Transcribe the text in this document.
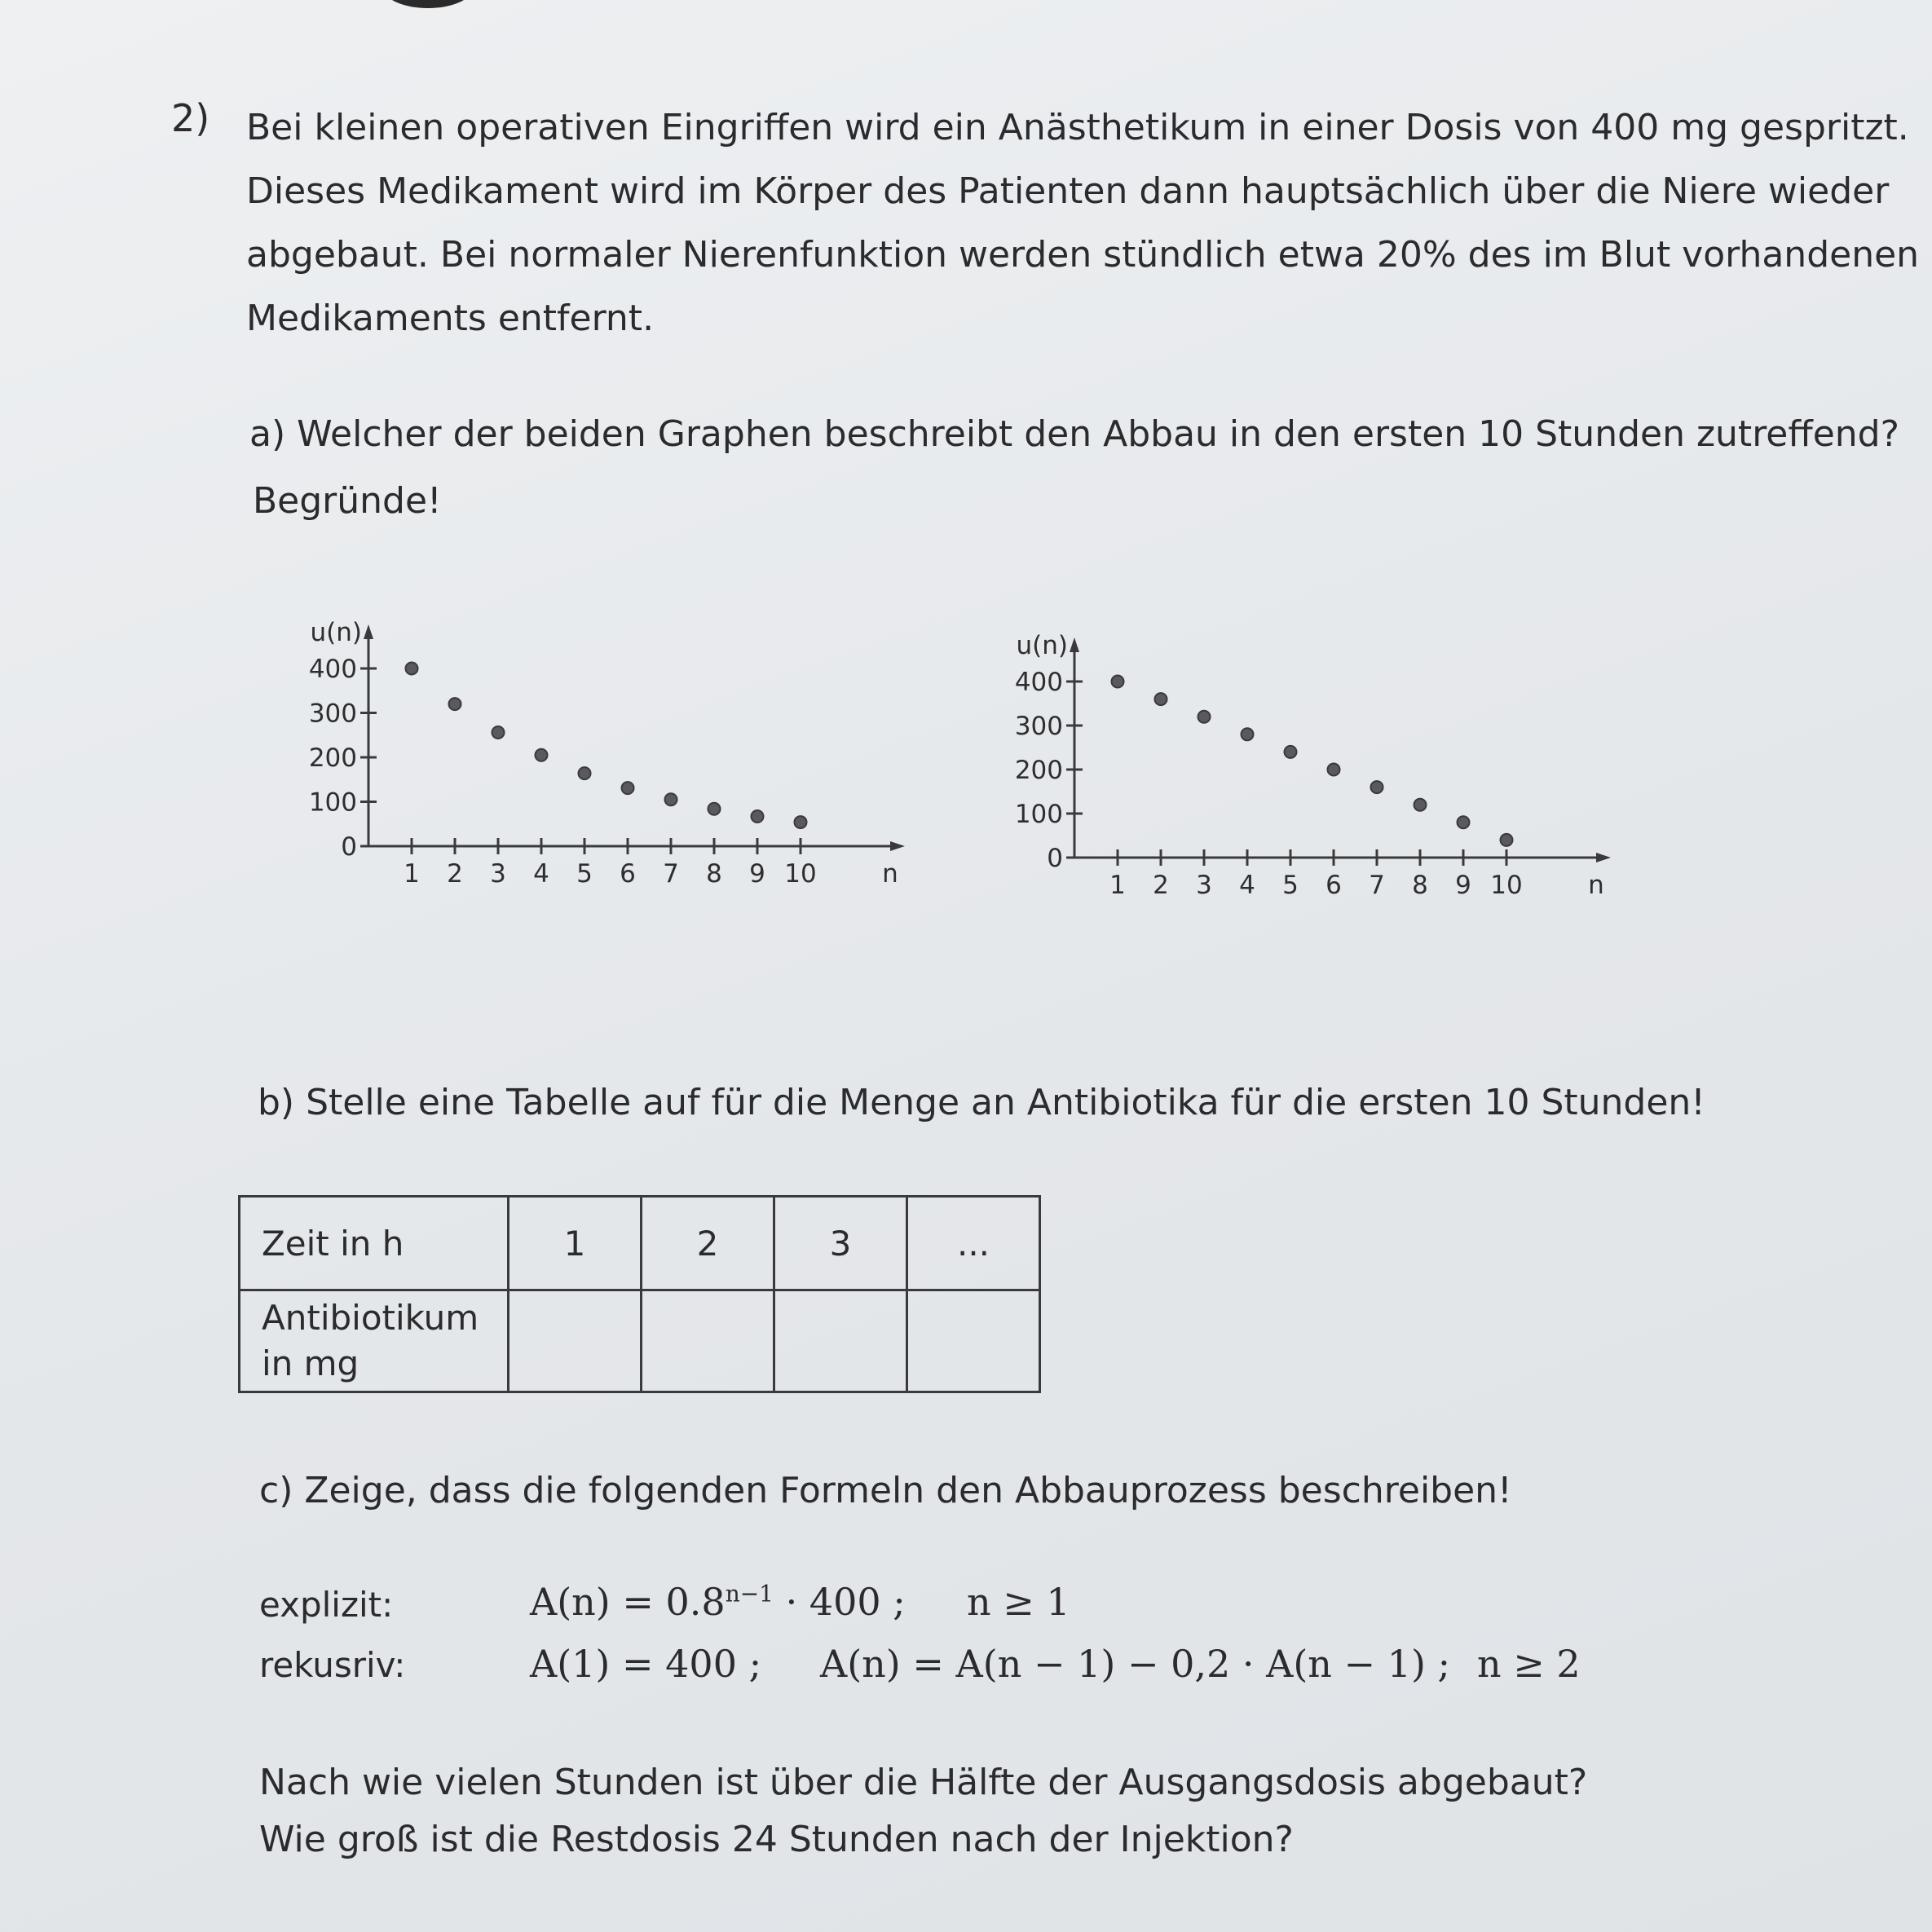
2) Bei kleinen operativen Eingriffen wird ein Anästhetikum in einer Dosis von 400 mg gespritzt.
Dieses Medikament wird im Körper des Patienten dann hauptsächlich über die Niere wieder
abgebaut. Bei normaler Nierenfunktion werden stündlich etwa 20% des im Blut vorhandenen
Medikaments entfernt.
a) Welcher der beiden Graphen beschreibt den Abbau in den ersten 10 Stunden zutreffend?
Begründe!
0
100
200
300
400
1 2 3 4 5 6 7 8 9 10
u(n)
n
0
100
200
300
400
1 2 3 4 5 6 7 8 9 10
u(n)
n
b) Stelle eine Tabelle auf für die Menge an Antibiotika für die ersten 10 Stunden!
Zeit in h	1	2	3	...

Antibiotikum
in mg				

c) Zeige, dass die folgenden Formeln den Abbauprozess beschreiben!
explizit:	$A(n) = 0.8^{n-1} \cdot 400$ ; n ≥ 1
rekusriv:	A(1) = 400 ; A(n) = A(n − 1) − 0,2 · A(n − 1) ; n ≥ 2
Nach wie vielen Stunden ist über die Hälfte der Ausgangsdosis abgebaut?
Wie groß ist die Restdosis 24 Stunden nach der Injektion?
